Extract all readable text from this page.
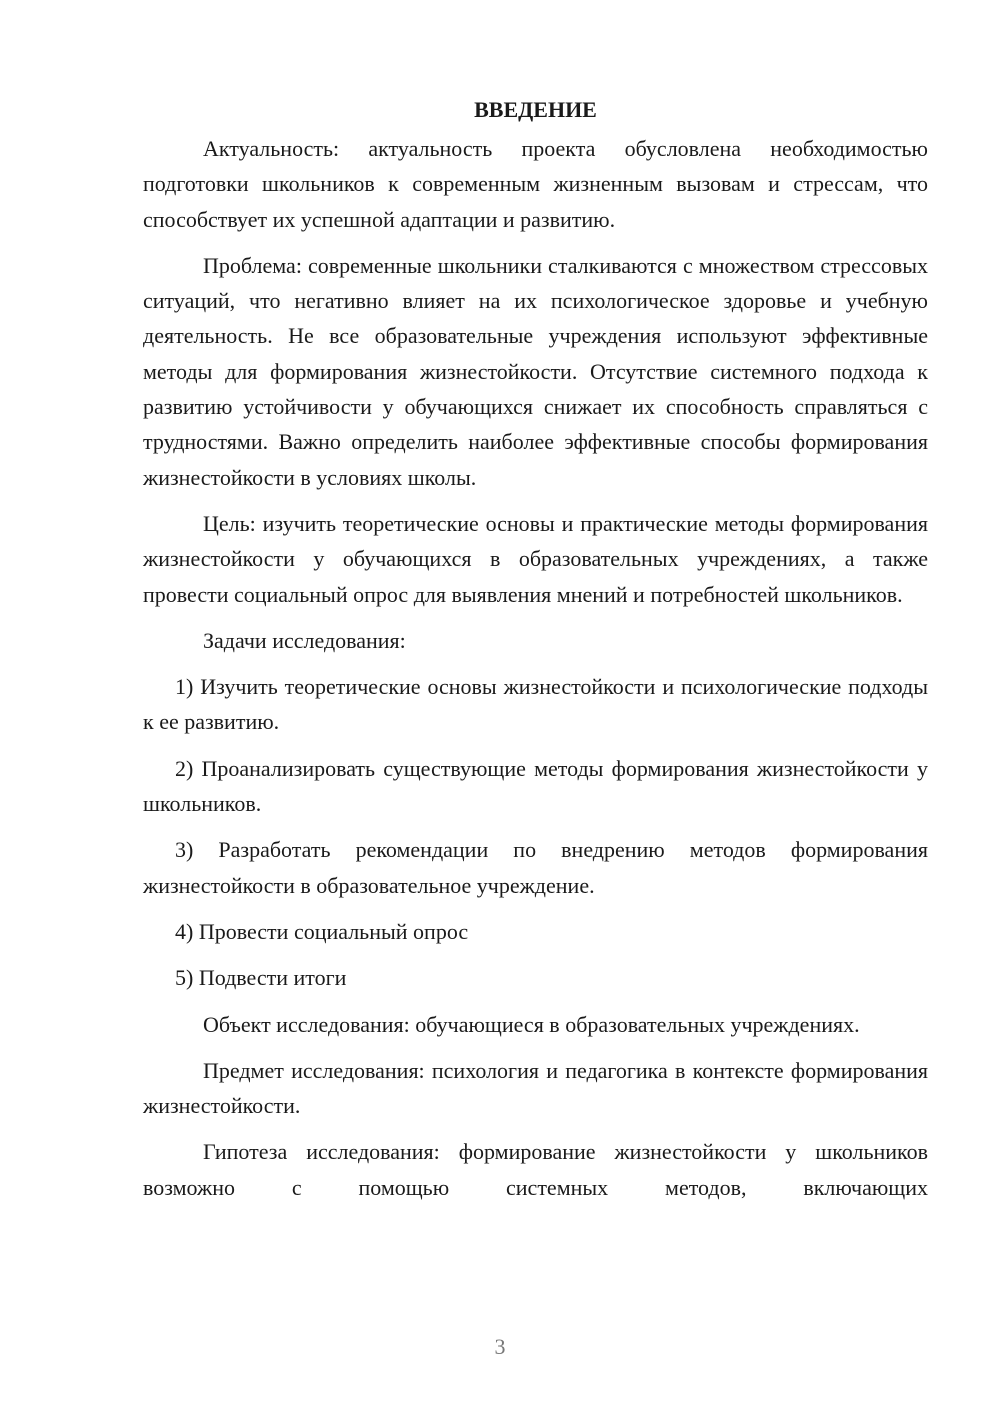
ВВЕДЕНИЕ

Актуальность: актуальность проекта обусловлена необходимостью подготовки школьников к современным жизненным вызовам и стрессам, что способствует их успешной адаптации и развитию.

Проблема: современные школьники сталкиваются с множеством стрессовых ситуаций, что негативно влияет на их психологическое здоровье и учебную деятельность. Не все образовательные учреждения используют эффективные методы для формирования жизнестойкости. Отсутствие системного подхода к развитию устойчивости у обучающихся снижает их способность справляться с трудностями. Важно определить наиболее эффективные способы формирования жизнестойкости в условиях школы.

Цель: изучить теоретические основы и практические методы формирования жизнестойкости у обучающихся в образовательных учреждениях, а также провести социальный опрос для выявления мнений и потребностей школьников.

Задачи исследования:

1) Изучить теоретические основы жизнестойкости и психологические подходы к ее развитию.

2) Проанализировать существующие методы формирования жизнестойкости у школьников.

3) Разработать рекомендации по внедрению методов формирования жизнестойкости в образовательное учреждение.

4) Провести социальный опрос

5) Подвести итоги

Объект исследования: обучающиеся в образовательных учреждениях.

Предмет исследования: психология и педагогика в контексте формирования жизнестойкости.

Гипотеза исследования: формирование жизнестойкости у школьников возможно с помощью системных методов, включающих

3
